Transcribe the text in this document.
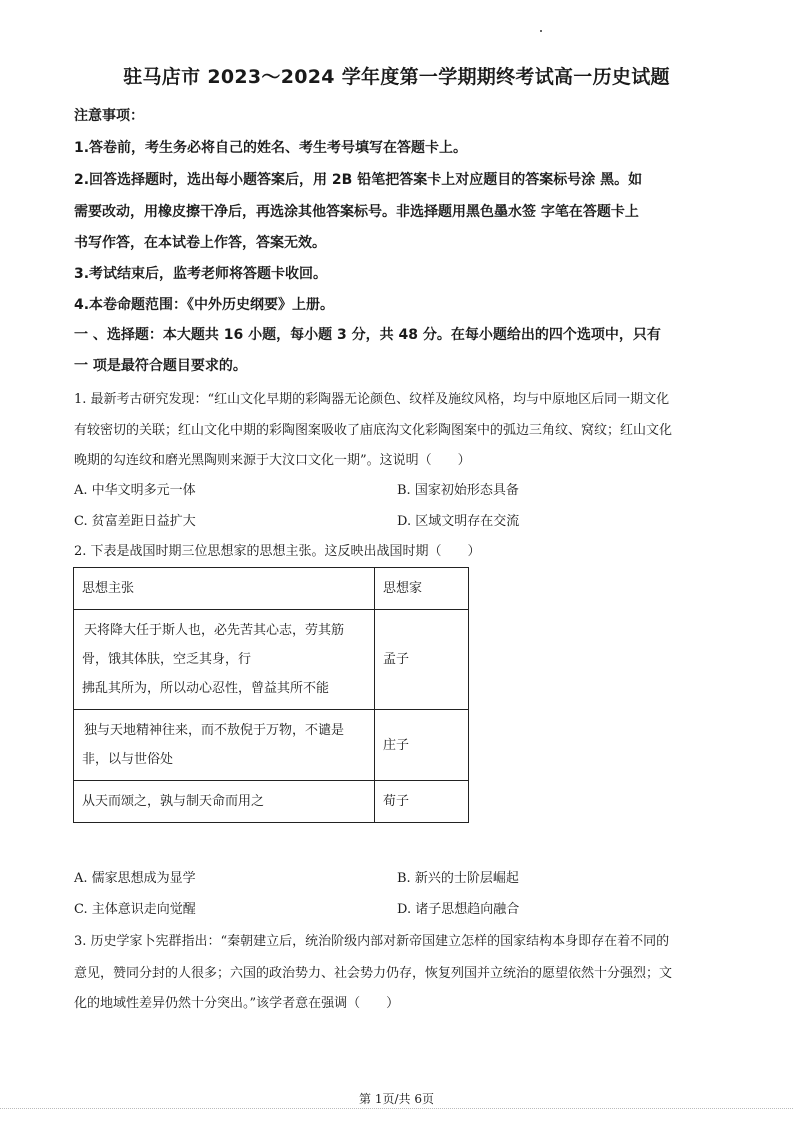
驻马店市 2023～2024 学年度第一学期期终考试高一历史试题
注意事项：
1.答卷前，考生务必将自己的姓名、考生考号填写在答题卡上。
2.回答选择题时，选出每小题答案后，用 2B 铅笔把答案卡上对应题目的答案标号涂 黑。如
需要改动，用橡皮擦干净后，再选涂其他答案标号。非选择题用黑色墨水签 字笔在答题卡上
书写作答，在本试卷上作答，答案无效。
3.考试结束后，监考老师将答题卡收回。
4.本卷命题范围：《中外历史纲要》上册。
一 、选择题：本大题共 16 小题，每小题 3 分，共 48 分。在每小题给出的四个选项中，只有
一 项是最符合题目要求的。
1. 最新考古研究发现：“红山文化早期的彩陶器无论颜色、纹样及施纹风格，均与中原地区后同一期文化
有较密切的关联；红山文化中期的彩陶图案吸收了庙底沟文化彩陶图案中的弧边三角纹、窝纹；红山文化
晚期的勾连纹和磨光黑陶则来源于大汶口文化一期”。这说明（　　）
A. 中华文明多元一体	B. 国家初始形态具备
C. 贫富差距日益扩大	D. 区域文明存在交流
2. 下表是战国时期三位思想家的思想主张。这反映出战国时期（　　）
思想主张	思想家

天将降大任于斯人也，必先苦其心志，劳其筋
骨，饿其体肤，空乏其身，行
拂乱其所为，所以动心忍性，曾益其所不能	孟子

独与天地精神往来，而不敖倪于万物，不谴是
非，以与世俗处	庄子
从天而颂之，孰与制天命而用之	荀子
A. 儒家思想成为显学	B. 新兴的士阶层崛起
C. 主体意识走向觉醒	D. 诸子思想趋向融合
3. 历史学家卜宪群指出：“秦朝建立后，统治阶级内部对新帝国建立怎样的国家结构本身即存在着不同的
意见，赞同分封的人很多；六国的政治势力、社会势力仍存，恢复列国并立统治的愿望依然十分强烈；文
化的地域性差异仍然十分突出。”该学者意在强调（　　）
第 1页/共 6页
